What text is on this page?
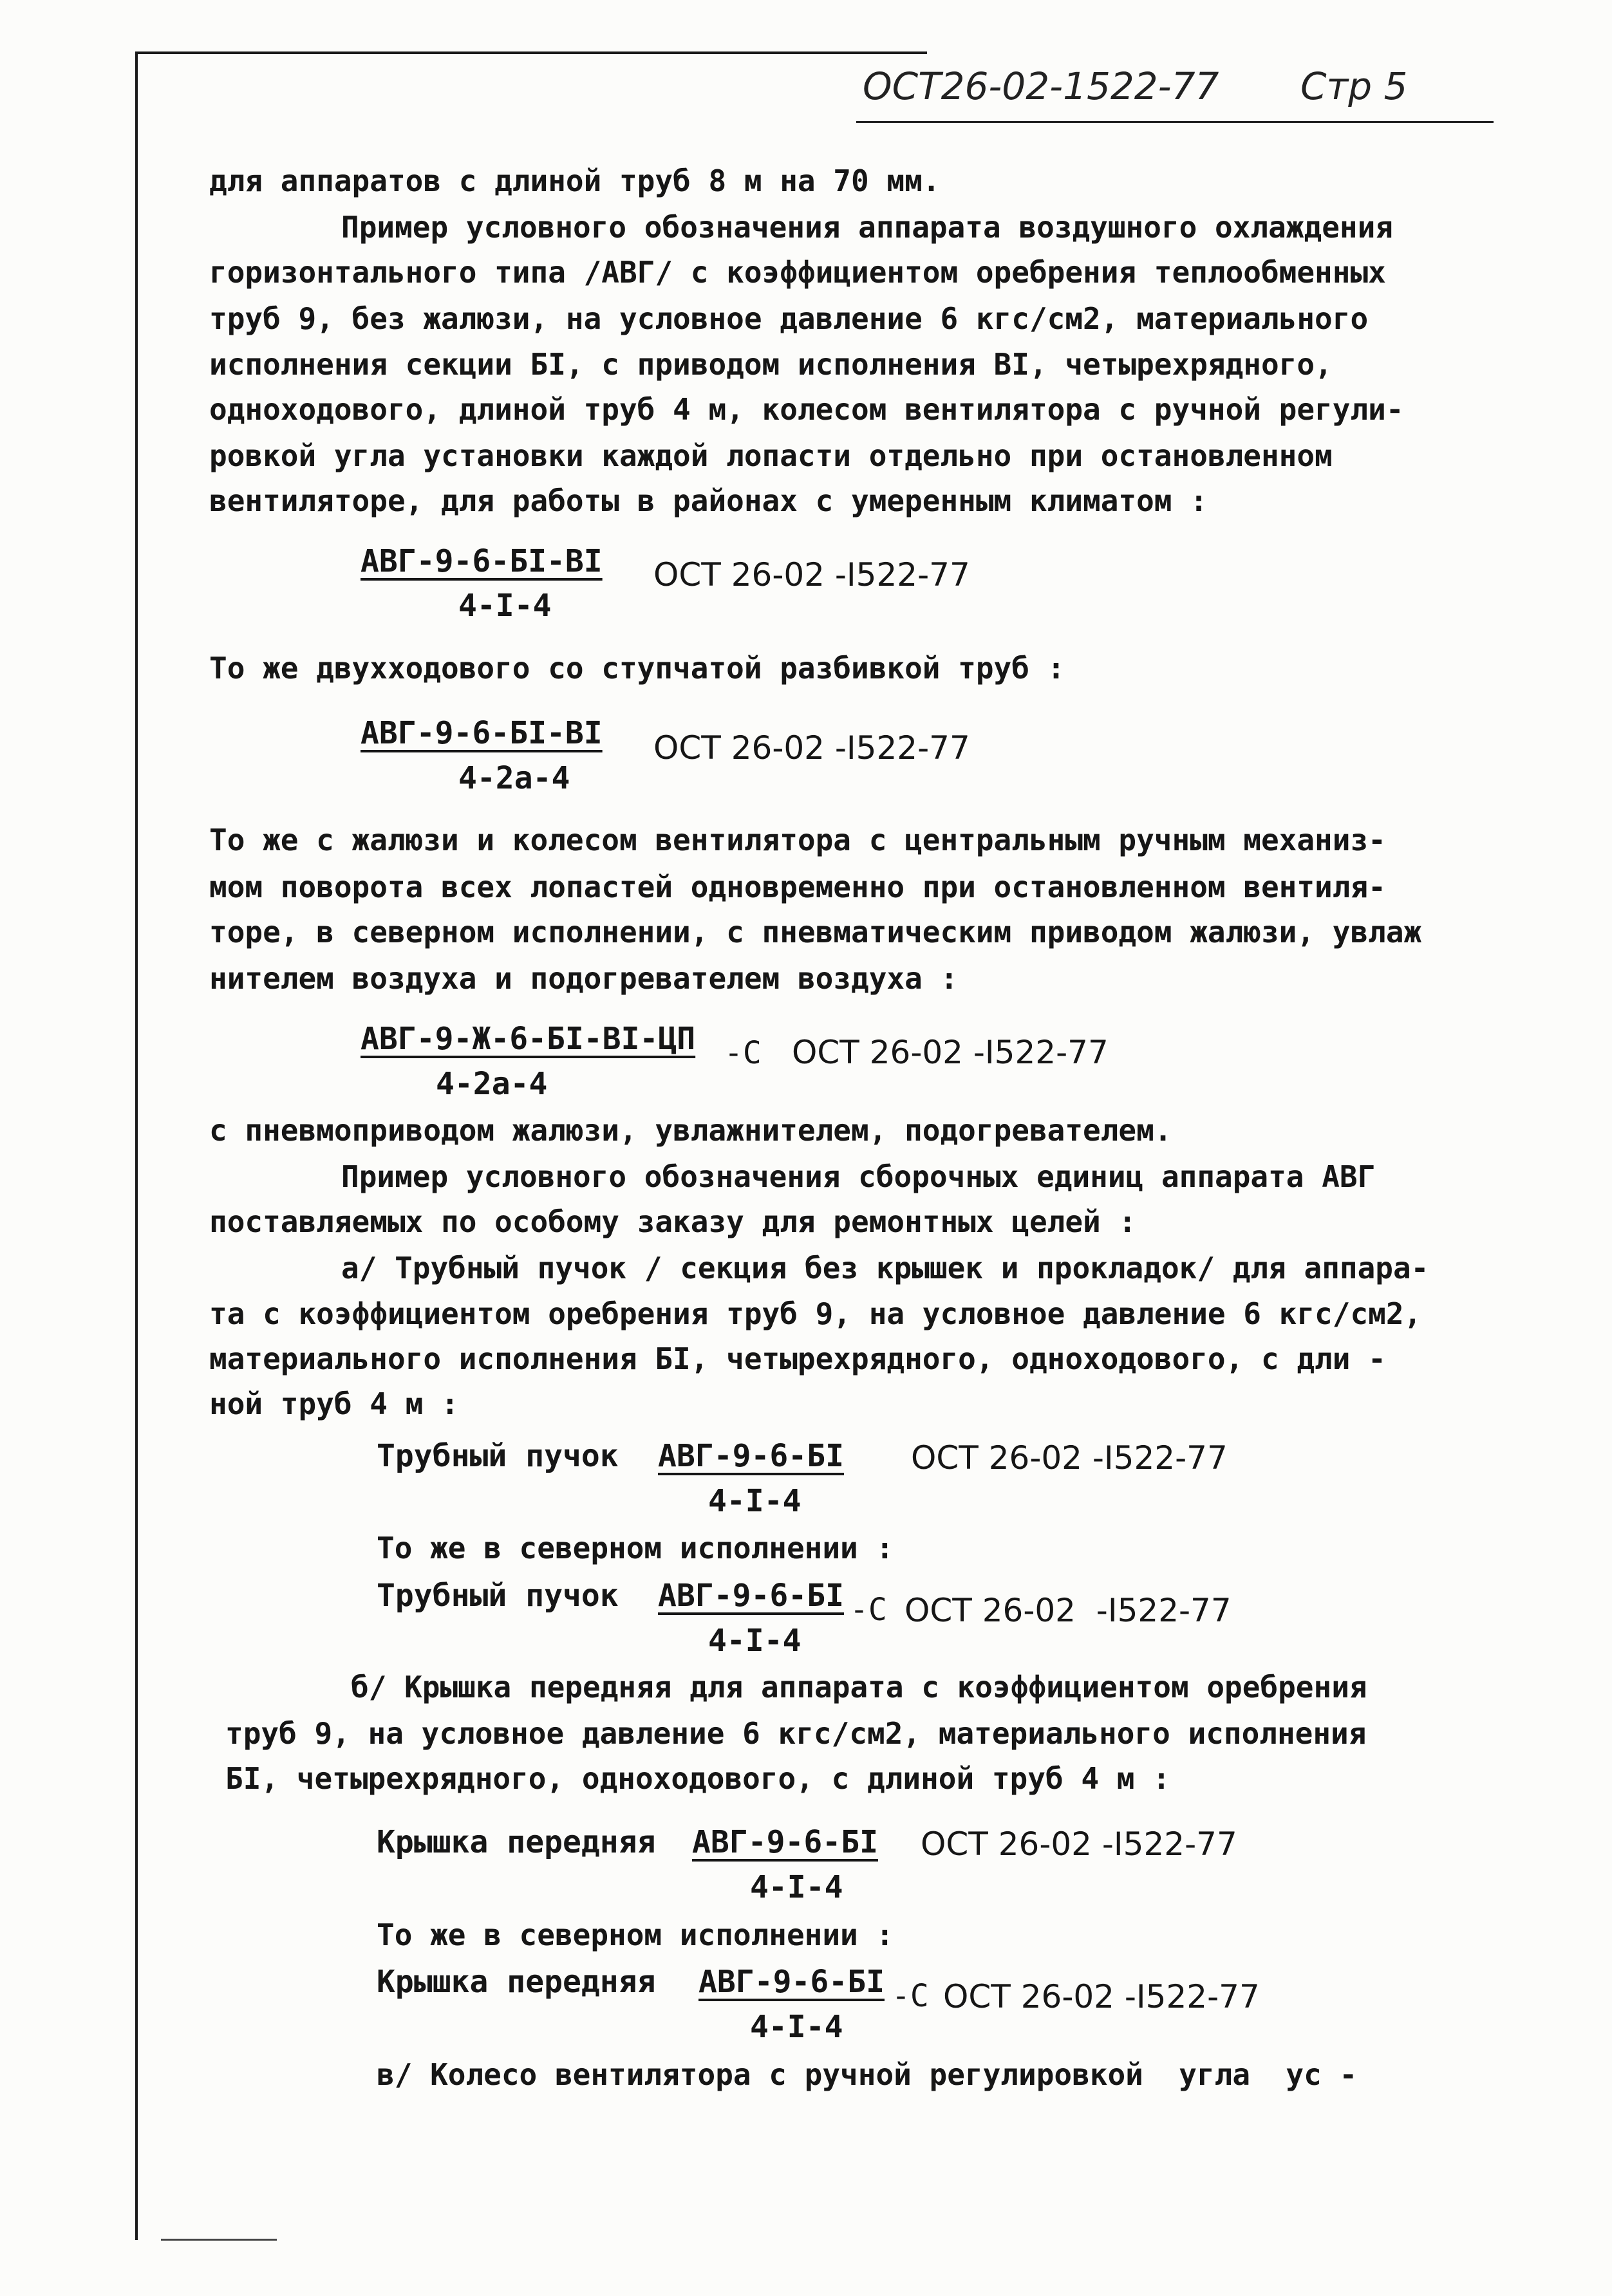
ОСТ26-02-1522-77 Стр 5
для аппаратов с длиной труб 8 м на 70 мм.
Пример условного обозначения аппарата воздушного охлаждения
горизонтального типа /АВГ/ с коэффициентом оребрения теплообменных
труб 9, без жалюзи, на условное давление 6 кгс/см2, материального
исполнения секции БI, с приводом исполнения ВI, четырехрядного,
одноходового, длиной труб 4 м, колесом вентилятора с ручной регули-
ровкой угла установки каждой лопасти отдельно при остановленном
вентиляторе, для работы в районах с умеренным климатом :
АВГ-9-6-БI-ВI
4-I-4
ОСТ 26-02 -I522-77
То же двухходового со ступчатой разбивкой труб :
АВГ-9-6-БI-ВI
4-2а-4
ОСТ 26-02 -I522-77
То же с жалюзи и колесом вентилятора с центральным ручным механиз-
мом поворота всех лопастей одновременно при остановленном вентиля-
торе, в северном исполнении, с пневматическим приводом жалюзи, увлаж
нителем воздуха и подогревателем воздуха :
АВГ-9-Ж-6-БI-ВI-ЦП -С
4-2а-4
ОСТ 26-02 -I522-77
с пневмоприводом жалюзи, увлажнителем, подогревателем.
Пример условного обозначения сборочных единиц аппарата АВГ
поставляемых по особому заказу для ремонтных целей :
а/ Трубный пучок / секция без крышек и прокладок/ для аппара-
та с коэффициентом оребрения труб 9, на условное давление 6 кгс/см2,
материального исполнения БI, четырехрядного, одноходового, с дли -
ной труб 4 м :
Трубный пучок АВГ-9-6-БI
4-I-4
ОСТ 26-02 -I522-77
То же в северном исполнении :
Трубный пучок АВГ-9-6-БI -С
4-I-4
ОСТ 26-02  -I522-77
б/ Крышка передняя для аппарата с коэффициентом оребрения
труб 9, на условное давление 6 кгс/см2, материального исполнения
БI, четырехрядного, одноходового, с длиной труб 4 м :
Крышка передняя АВГ-9-6-БI
4-I-4
ОСТ 26-02 -I522-77
То же в северном исполнении :
Крышка передняя АВГ-9-6-БI -С
4-I-4
ОСТ 26-02 -I522-77
в/ Колесо вентилятора с ручной регулировкой  угла  ус -
